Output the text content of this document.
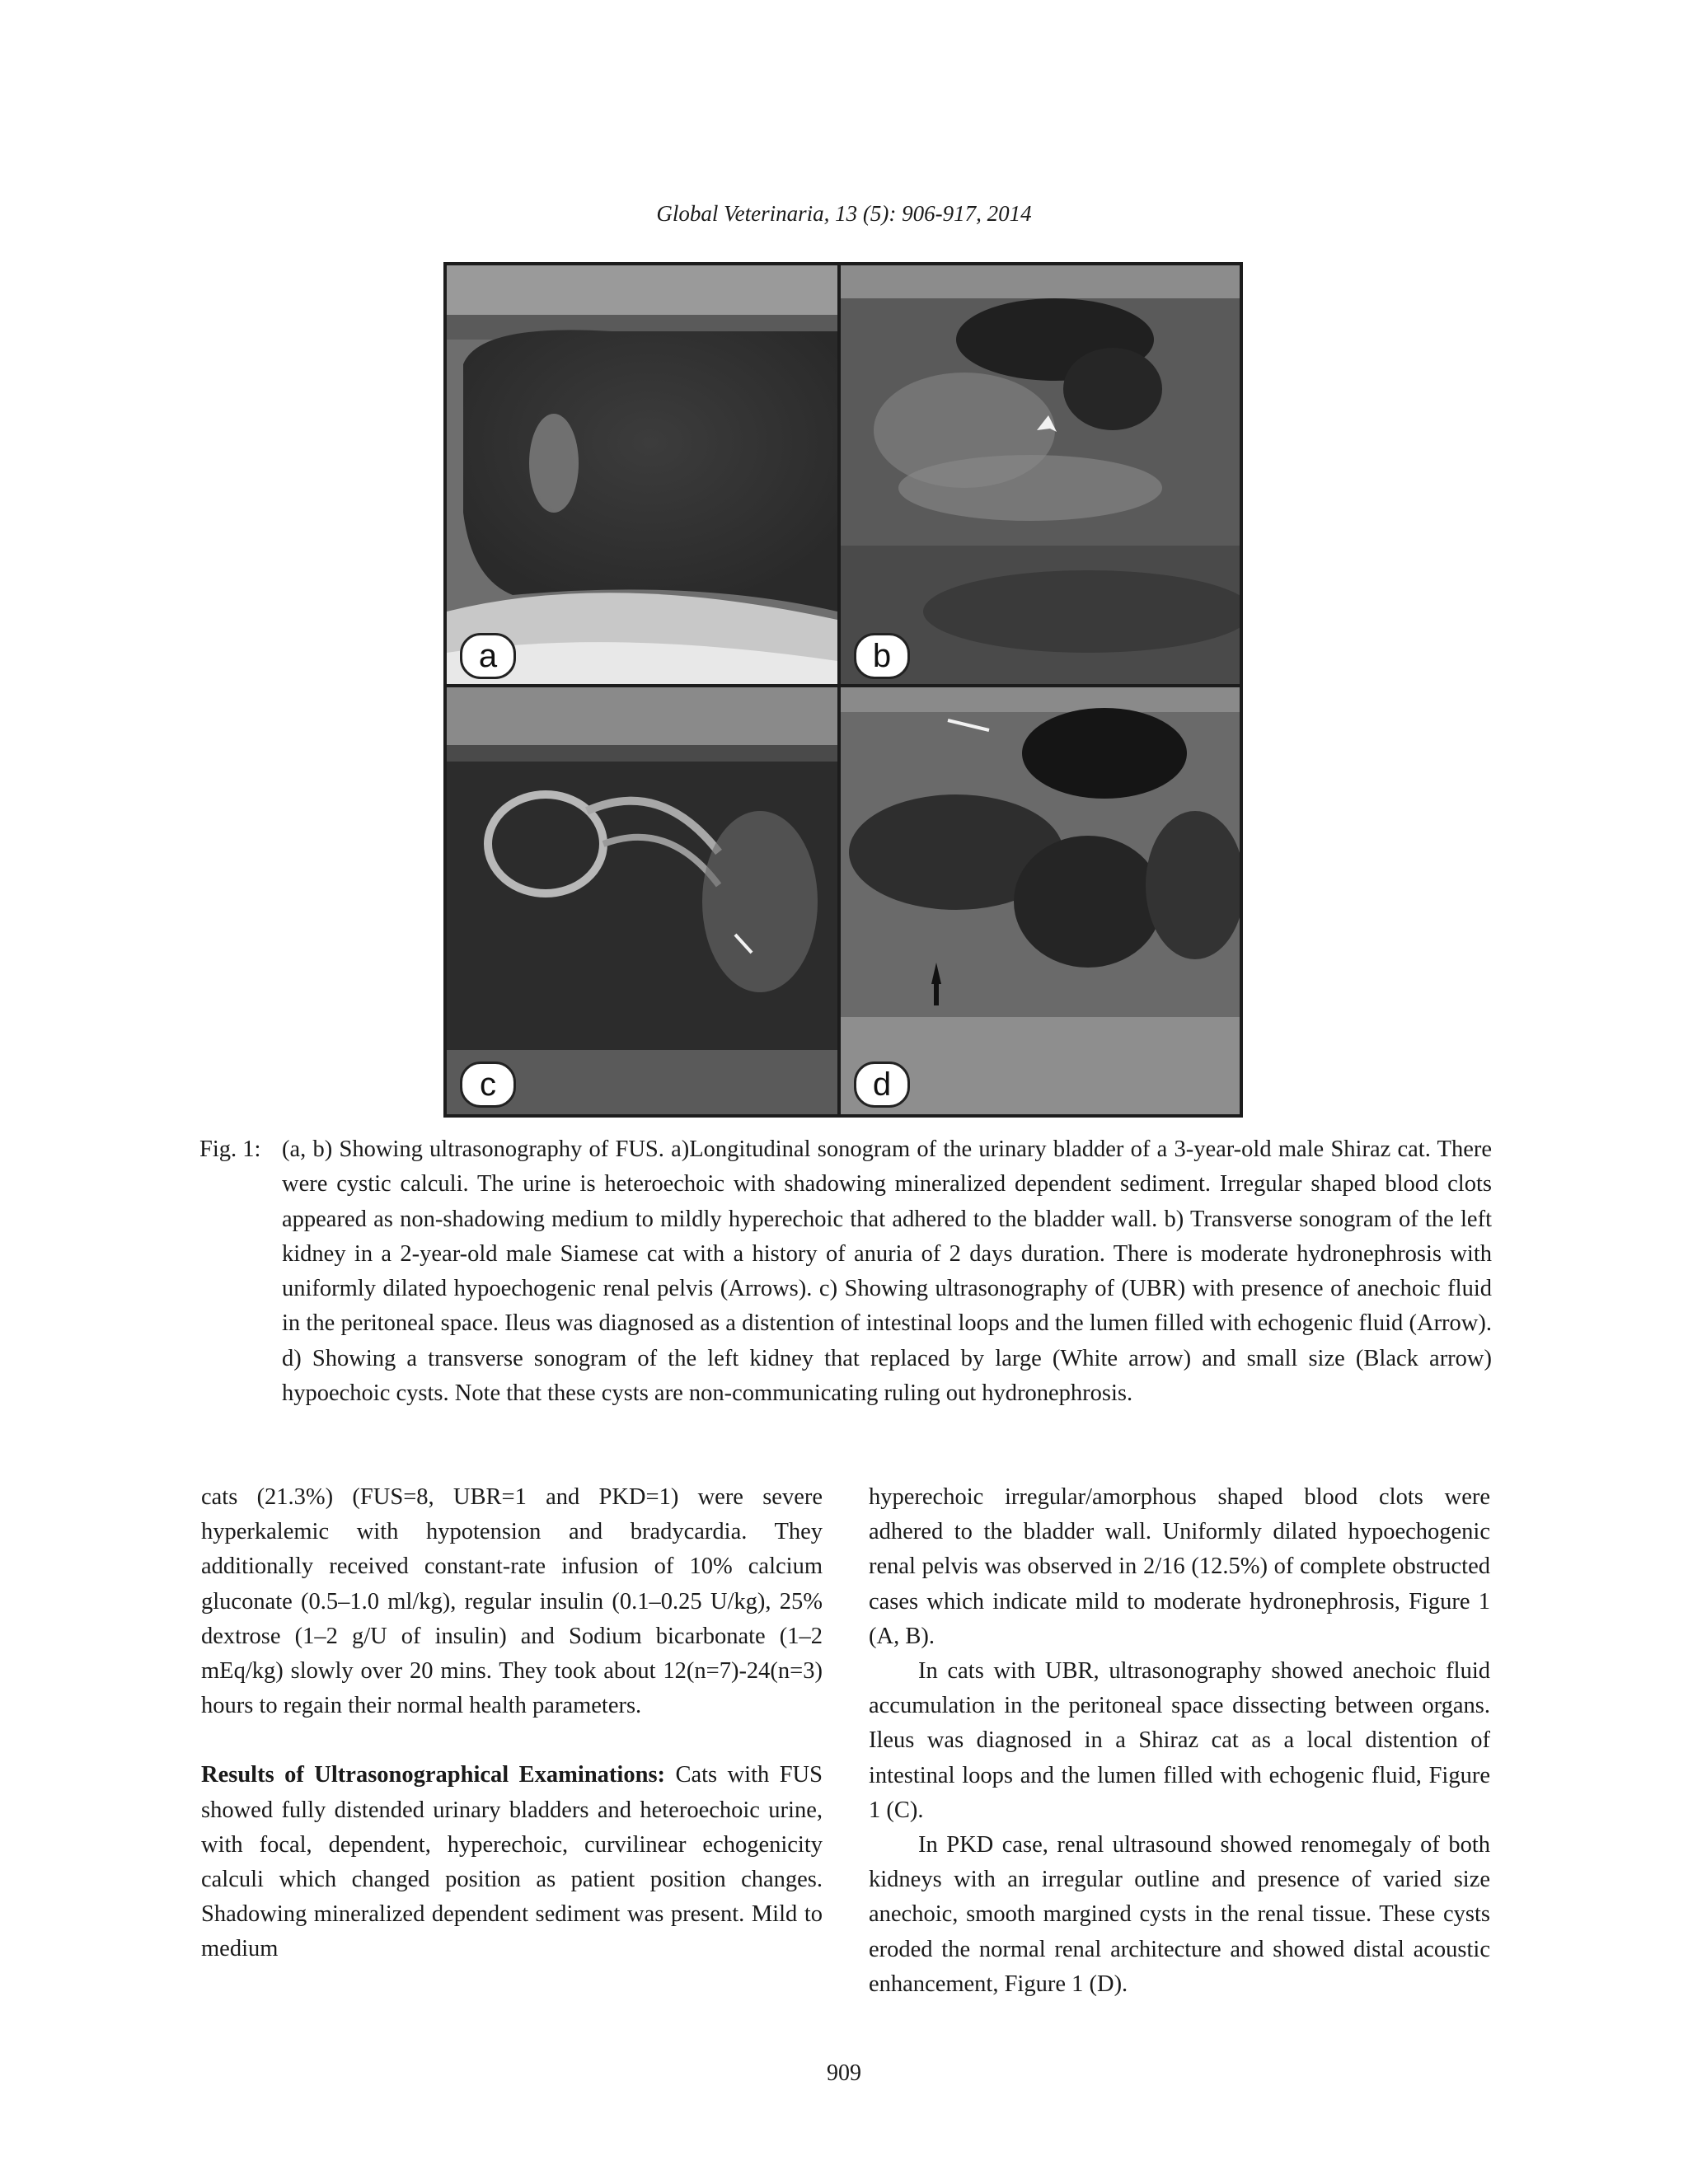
Global Veterinaria, 13 (5): 906-917, 2014
a	b
c	d
Fig. 1: (a, b) Showing ultrasonography of FUS. a)Longitudinal sonogram of the urinary bladder of a 3-year-old male Shiraz cat. There were cystic calculi. The urine is heteroechoic with shadowing mineralized dependent sediment. Irregular shaped blood clots appeared as non-shadowing medium to mildly hyperechoic that adhered to the bladder wall. b) Transverse sonogram of the left kidney in a 2-year-old male Siamese cat with a history of anuria of 2 days duration. There is moderate hydronephrosis with uniformly dilated hypoechogenic renal pelvis (Arrows). c) Showing ultrasonography of (UBR) with presence of anechoic fluid in the peritoneal space. Ileus was diagnosed as a distention of intestinal loops and the lumen filled with echogenic fluid (Arrow). d) Showing a transverse sonogram of the left kidney that replaced by large (White arrow) and small size (Black arrow) hypoechoic cysts. Note that these cysts are non-communicating ruling out hydronephrosis.

cats (21.3%) (FUS=8, UBR=1 and PKD=1) were severe hyperkalemic with hypotension and bradycardia. They additionally received constant-rate infusion of 10% calcium gluconate (0.5–1.0 ml/kg), regular insulin (0.1–0.25 U/kg), 25% dextrose (1–2 g/U of insulin) and Sodium bicarbonate (1–2 mEq/kg) slowly over 20 mins. They took about 12(n=7)-24(n=3) hours to regain their normal health parameters.

Results of Ultrasonographical Examinations: Cats with FUS showed fully distended urinary bladders and heteroechoic urine, with focal, dependent, hyperechoic, curvilinear echogenicity calculi which changed position as patient position changes. Shadowing mineralized dependent sediment was present. Mild to medium

hyperechoic irregular/amorphous shaped blood clots were adhered to the bladder wall. Uniformly dilated hypoechogenic renal pelvis was observed in 2/16 (12.5%) of complete obstructed cases which indicate mild to moderate hydronephrosis, Figure 1 (A, B).

In cats with UBR, ultrasonography showed anechoic fluid accumulation in the peritoneal space dissecting between organs. Ileus was diagnosed in a Shiraz cat as a local distention of intestinal loops and the lumen filled with echogenic fluid, Figure 1 (C).

In PKD case, renal ultrasound showed renomegaly of both kidneys with an irregular outline and presence of varied size anechoic, smooth margined cysts in the renal tissue. These cysts eroded the normal renal architecture and showed distal acoustic enhancement, Figure 1 (D).

909
